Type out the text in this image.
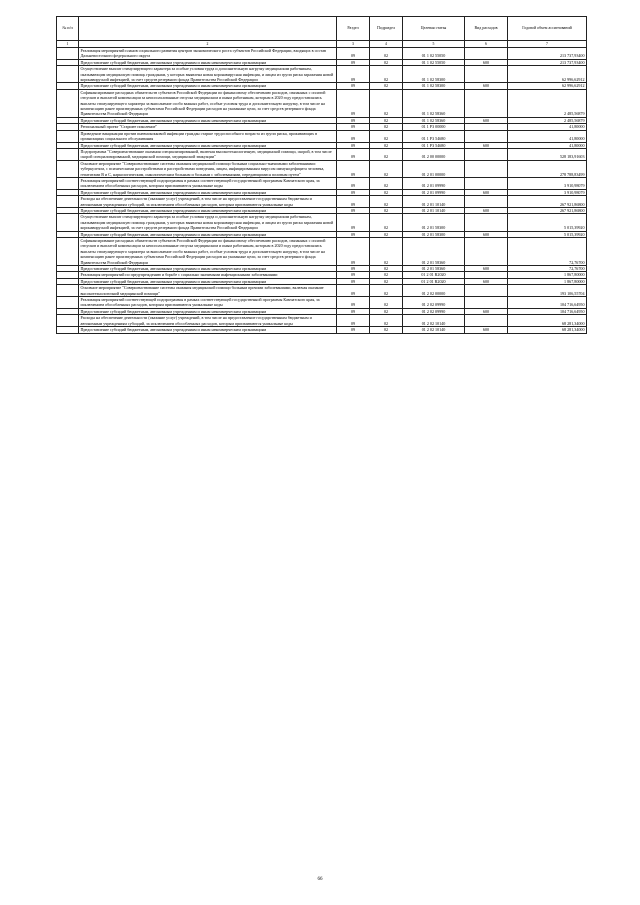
№ п/п		Раздел	Подраздел	Целевая статья	Вид расходов	Годовой объем ассигнований
1	2	3	4	5	6	7
	Реализация мероприятий планов социального развития центров экономического роста субъектов Российской Федерации, входящих в состав Дальневосточного федерального округа	09	02	01 1 02 55050		213 737,93400
	Предоставление субсидий бюджетным, автономным учреждениям и иным некоммерческим организациям	09	02	01 1 02 55050	600	213 737,93400
	Осуществление выплат стимулирующего характера за особые условия труда и дополнительную нагрузку медицинским работникам, оказывающим медицинскую помощь гражданам, у которых выявлена новая коронавирусная инфекция, и лицам из групп риска заражения новой коронавирусной инфекцией, за счет средств резервного фонда Правительства Российской Федерации	09	02	01 1 02 58300		62 996,62912
	Предоставление субсидий бюджетным, автономным учреждениям и иным некоммерческим организациям	09	02	01 1 02 58300	600	62 996,62912
	Софинансирование расходных обязательств субъектов Российской Федерации по финансовому обеспечению расходов, связанных с оплатой отпусков и выплатой компенсации за неиспользованные отпуска медицинским и иным работникам, которым в 2020 году предоставлялись выплаты стимулирующего характера за выполнение особо важных работ, особые условия труда и дополнительную нагрузку, в том числе на компенсацию ранее произведенных субъектами Российской Федерации расходов на указанные цели, за счет средств резервного фонда Правительства Российской Федерации	09	02	01 1 02 58360		2 485,56879
	Предоставление субсидий бюджетным, автономным учреждениям и иным некоммерческим организациям	09	02	01 1 02 58360	600	2 485,56879
	Региональный проект "Старшее поколение"	09	02	01 1 P3 00000		41,80000
	Проведение вакцинации против пневмококковой инфекции граждан старше трудоспособного возраста из групп риска, проживающих в организациях социального обслуживания	09	02	01 1 P3 54680		41,80000
	Предоставление субсидий бюджетным, автономным учреждениям и иным некоммерческим организациям	09	02	01 1 P3 54680	600	41,80000
	Подпрограмма "Совершенствование оказания специализированной, включая высокотехнологичную, медицинской помощи, скорой, в том числе скорой специализированной, медицинской помощи, медицинской эвакуации"	09	02	01 2 00 00000		528 183,91603
	Основное мероприятие "Совершенствование системы оказания медицинской помощи больным социально-значимыми заболеваниями: туберкулезом, с психическими расстройствами и расстройствами поведения, лицам, инфицированным вирусом иммунодефицита человека, гепатитами B и C, наркологическим, онкологическим больным и больным с заболеваниями, передающимися половым путем"	09	02	01 2 01 00000		278 788,83499
	Реализация мероприятий соответствующей подпрограммы в рамках соответствующей государственной программы Камчатского края, за исключением обособленных расходов, которым присваиваются уникальные коды	09	02	01 2 01 09990		3 910,98079
	Предоставление субсидий бюджетным, автономным учреждениям и иным некоммерческим организациям	09	02	01 2 01 09990	600	3 910,98079
	Расходы на обеспечение деятельности (оказание услуг) учреждений, в том числе на предоставление государственным бюджетным и автономным учреждениям субсидий, за исключением обособленных расходов, которым присваиваются уникальные коды	09	02	01 2 01 10140		267 921,86800
	Предоставление субсидий бюджетным, автономным учреждениям и иным некоммерческим организациям	09	02	01 2 01 10140	600	267 921,86800
	Осуществление выплат стимулирующего характера за особые условия труда и дополнительную нагрузку медицинским работникам, оказывающим медицинскую помощь гражданам, у которых выявлена новая коронавирусная инфекция, и лицам из групп риска заражения новой коронавирусной инфекцией, за счет средств резервного фонда Правительства Российской Федерации	09	02	01 2 01 58300		5 015,39920
	Предоставление субсидий бюджетным, автономным учреждениям и иным некоммерческим организациям	09	02	01 2 01 58300	600	5 015,39920
	Софинансирование расходных обязательств субъектов Российской Федерации по финансовому обеспечению расходов, связанных с оплатой отпусков и выплатой компенсации за неиспользованные отпуска медицинским и иным работникам, которым в 2020 году предоставлялись выплаты стимулирующего характера за выполнение особо важных работ, особые условия труда и дополнительную нагрузку, в том числе на компенсацию ранее произведенных субъектами Российской Федерации расходов на указанные цели, за счет средств резервного фонда Правительства Российской Федерации	09	02	01 2 01 58360		72,76700
	Предоставление субсидий бюджетным, автономным учреждениям и иным некоммерческим организациям	09	02	01 2 01 58360	600	72,76700
	Реализация мероприятий по предупреждению и борьбе с социально значимыми инфекционными заболеваниями	09	02	01 2 01 R2020		1 867,80000
	Предоставление субсидий бюджетным, автономным учреждениям и иным некоммерческим организациям	09	02	01 2 01 R2020	600	1 867,80000
	Основное мероприятие "Совершенствование системы оказания медицинской помощи больным прочими заболеваниями, включая оказание высокотехнологичной медицинской помощи"	09	02	01 2 02 00000		193 106,55704
	Реализация мероприятий соответствующей подпрограммы в рамках соответствующей государственной программы Камчатского края, за исключением обособленных расходов, которым присваиваются уникальные коды	09	02	01 2 02 09990		104 716,64950
	Предоставление субсидий бюджетным, автономным учреждениям и иным некоммерческим организациям	09	02	01 2 02 09990	600	104 716,64950
	Расходы на обеспечение деятельности (оказание услуг) учреждений, в том числе на предоставление государственным бюджетным и автономным учреждениям субсидий, за исключением обособленных расходов, которым присваиваются уникальные коды	09	02	01 2 02 10140		68 281,34000
	Предоставление субсидий бюджетным, автономным учреждениям и иным некоммерческим организациям	09	02	01 2 02 10140	600	68 281,34000
66
